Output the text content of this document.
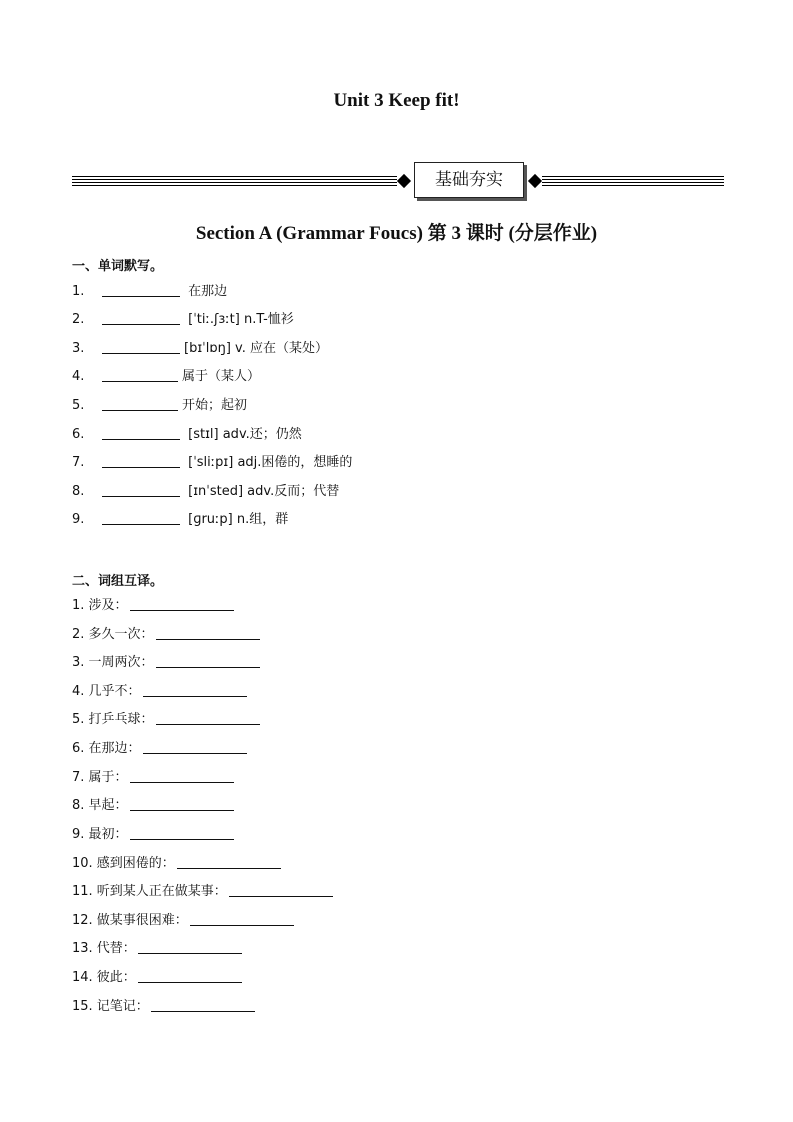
Unit 3 Keep fit!
基础夯实
Section A (Grammar Foucs) 第 3 课时 (分层作业)
一、单词默写。
1.	在那边
2.	[ˈtiː.ʃɜːt] n.T-恤衫
3.	[bɪˈlɒŋ] v. 应在（某处）
4.	属于（某人）
5.	开始；起初
6.	[stɪl] adv.还；仍然
7.	[ˈsliːpɪ] adj.困倦的，想睡的
8.	[ɪnˈsted] adv.反而；代替
9.	[ɡruːp] n.组，群
二、词组互译。
1. 涉及：
2. 多久一次：
3. 一周两次：
4. 几乎不：
5. 打乒乓球：
6. 在那边：
7. 属于：
8. 早起：
9. 最初：
10. 感到困倦的：
11. 听到某人正在做某事：
12. 做某事很困难：
13. 代替：
14. 彼此：
15. 记笔记：
